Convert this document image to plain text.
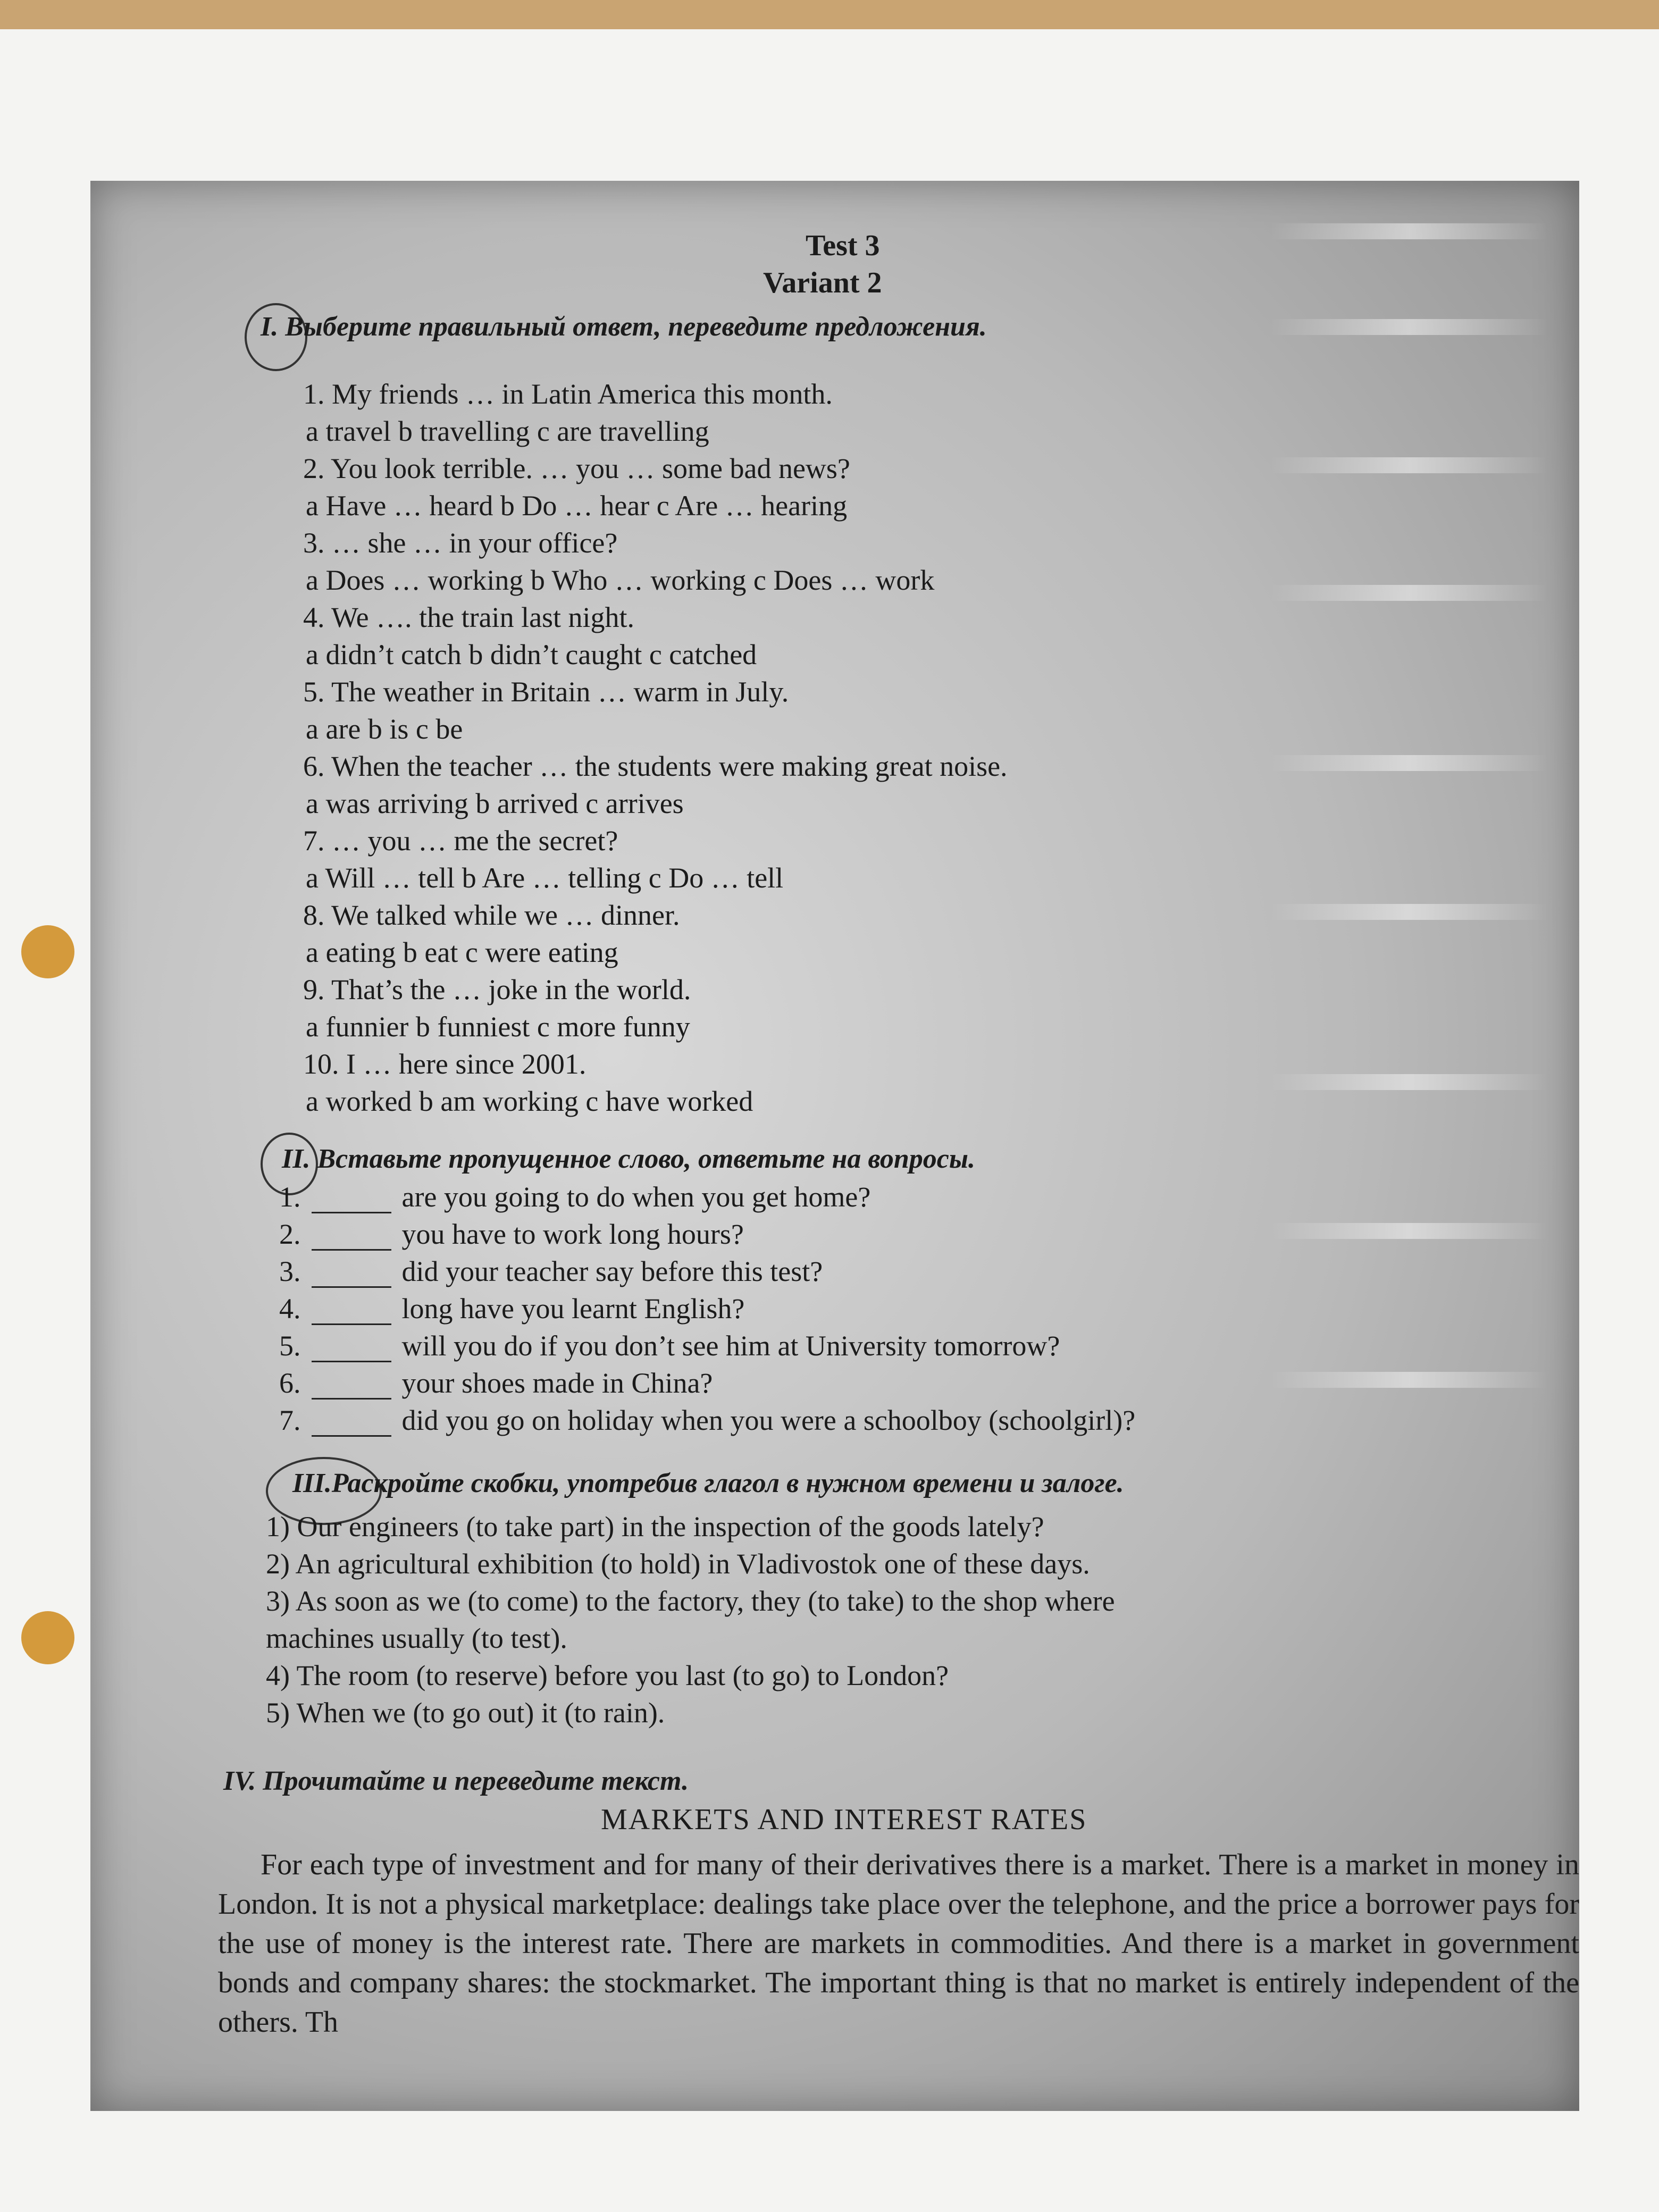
Test 3
Variant 2
I. Выберите правильный ответ, переведите предложения.
1. My friends … in Latin America this month.
a travel b travelling c are travelling
2. You look terrible. … you … some bad news?
a Have … heard b Do … hear c Are … hearing
3. … she … in your office?
a Does … working b Who … working c Does … work
4. We …. the train last night.
a didn’t catch b didn’t caught c catched
5. The weather in Britain … warm in July.
a are b is c be
6. When the teacher … the students were making great noise.
a was arriving b arrived c arrives
7. … you … me the secret?
a Will … tell b Are … telling c Do … tell
8. We talked while we … dinner.
a eating b eat c were eating
9. That’s the … joke in the world.
a funnier b funniest c more funny
10. I … here since 2001.
a worked b am working c have worked
II. Вставьте пропущенное слово, ответьте на вопросы.
1.	are you going to do when you get home?
2.	you have to work long hours?
3.	did your teacher say before this test?
4.	long have you learnt English?
5.	will you do if you don’t see him at University tomorrow?
6.	your shoes made in China?
7.	did you go on holiday when you were a schoolboy (schoolgirl)?
III.Раскройте скобки, употребив глагол в нужном времени и залоге.
1) Our engineers (to take part) in the inspection of the goods lately?
2) An agricultural exhibition (to hold) in Vladivostok one of these days.
3) As soon as we (to come) to the factory, they (to take) to the shop where
machines usually (to test).
4) The room (to reserve) before you last (to go) to London?
5) When we (to go out) it (to rain).
IV. Прочитайте и переведите текст.
MARKETS AND INTEREST RATES
For each type of investment and for many of their derivatives there is a market. There is a market in money in London. It is not a physical marketplace: dealings take place over the telephone, and the price a borrower pays for the use of money is the interest rate. There are markets in commodities. And there is a market in government bonds and company shares: the stockmarket. The important thing is that no market is entirely independent of the others. Th
